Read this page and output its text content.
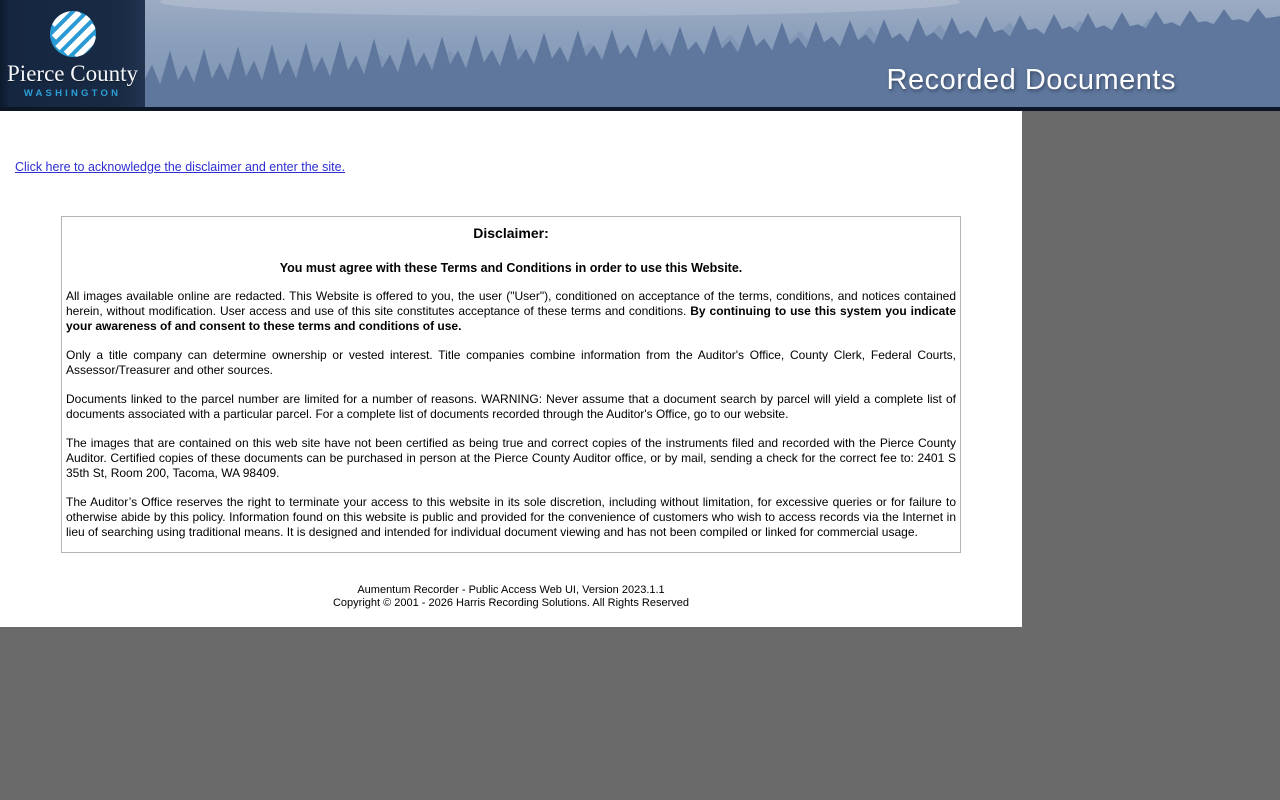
Pierce County
WASHINGTON	Recorded Documents
Click here to acknowledge the disclaimer and enter the site.

Disclaimer:

You must agree with these Terms and Conditions in order to use this Website.

All images available online are redacted. This Website is offered to you, the user ("User"), conditioned on acceptance of the terms, conditions, and notices contained herein, without modification. User access and use of this site constitutes acceptance of these terms and conditions. By continuing to use this system you indicate your awareness of and consent to these terms and conditions of use.

Only a title company can determine ownership or vested interest. Title companies combine information from the Auditor's Office, County Clerk, Federal Courts, Assessor/Treasurer and other sources.

Documents linked to the parcel number are limited for a number of reasons. WARNING: Never assume that a document search by parcel will yield a complete list of documents associated with a particular parcel. For a complete list of documents recorded through the Auditor's Office, go to our website.

The images that are contained on this web site have not been certified as being true and correct copies of the instruments filed and recorded with the Pierce County Auditor. Certified copies of these documents can be purchased in person at the Pierce County Auditor office, or by mail, sending a check for the correct fee to: 2401 S 35th St, Room 200, Tacoma, WA 98409.

The Auditor’s Office reserves the right to terminate your access to this website in its sole discretion, including without limitation, for excessive queries or for failure to otherwise abide by this policy. Information found on this website is public and provided for the convenience of customers who wish to access records via the Internet in lieu of searching using traditional means. It is designed and intended for individual document viewing and has not been compiled or linked for commercial usage.

Aumentum Recorder - Public Access Web UI, Version 2023.1.1
Copyright © 2001 - 2026 Harris Recording Solutions. All Rights Reserved
